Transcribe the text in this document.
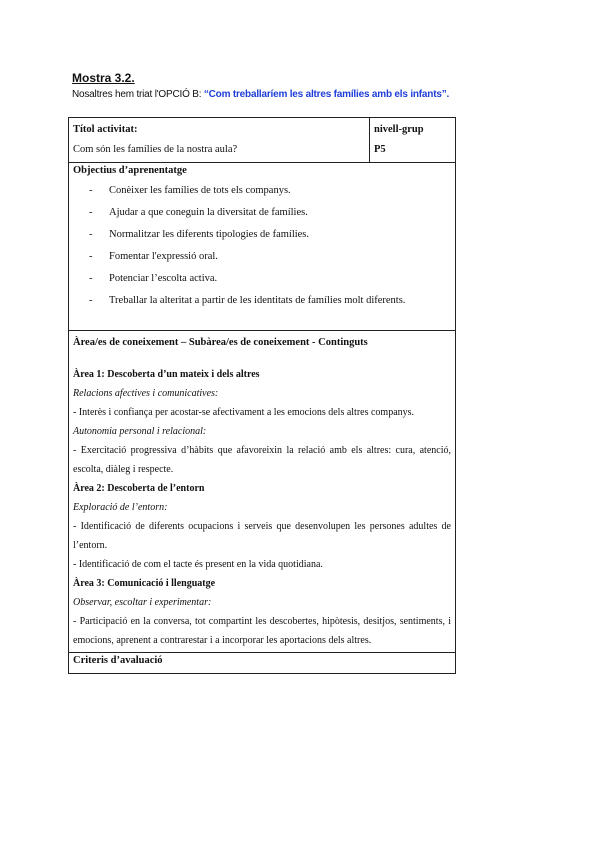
Mostra 3.2.
Nosaltres hem triat l'OPCIÓ B: “Com treballaríem les altres famílies amb els infants”.
Títol activitat:
Com són les famílies de la nostra aula?

nivell-grup
P5

Objectius d’aprenentatge
- Conèixer les famílies de tots els companys.
- Ajudar a que coneguin la diversitat de famílies.
- Normalitzar les diferents tipologies de famílies.
- Fomentar l'expressió oral.
- Potenciar l’escolta activa.
- Treballar la alteritat a partir de les identitats de famílies molt diferents.

Àrea/es de coneixement – Subàrea/es de coneixement - Continguts
Àrea 1: Descoberta d’un mateix i dels altres
Relacions afectives i comunicatives:
- Interès i confiança per acostar-se afectivament a les emocions dels altres companys.
Autonomia personal i relacional:
- Exercitació progressiva d’hàbits que afavoreixin la relació amb els altres: cura, atenció, escolta, diàleg i respecte.
Àrea 2: Descoberta de l’entorn
Exploració de l’entorn:
- Identificació de diferents ocupacions i serveis que desenvolupen les persones adultes de l’entorn.
- Identificació de com el tacte és present en la vida quotidiana.
Àrea 3: Comunicació i llenguatge
Observar, escoltar i experimentar:
- Participació en la conversa, tot compartint les descobertes, hipòtesis, desitjos, sentiments, i emocions, aprenent a contrarestar i a incorporar les aportacions dels altres.

Criteris d’avaluació
